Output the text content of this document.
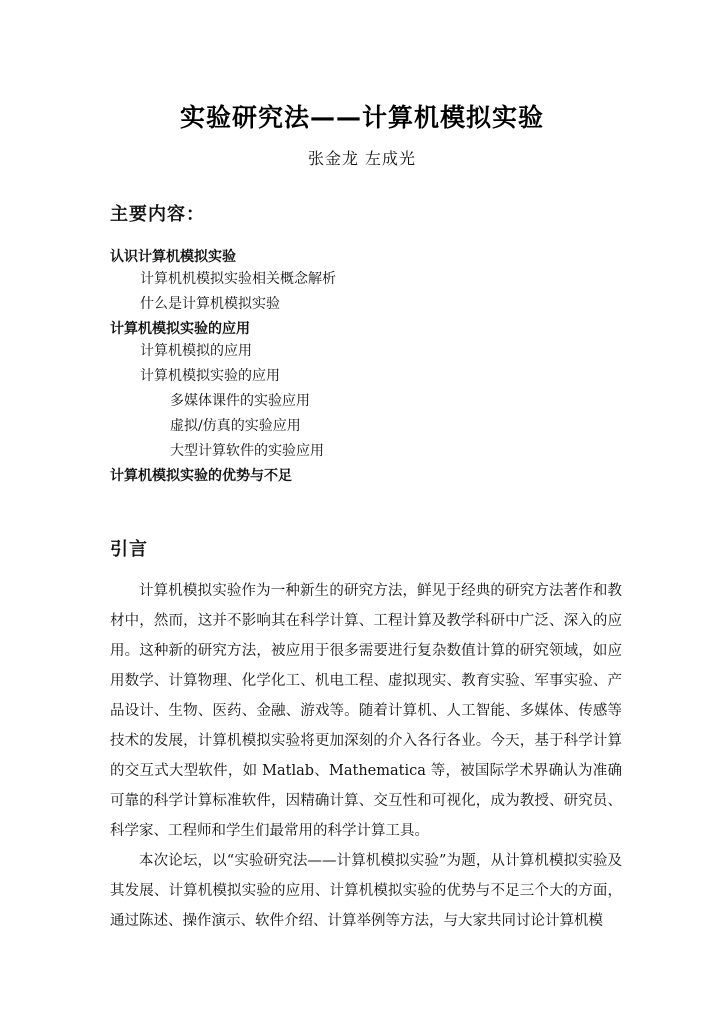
实验研究法——计算机模拟实验
张金龙 左成光
主要内容：
认识计算机模拟实验
计算机机模拟实验相关概念解析
什么是计算机模拟实验
计算机模拟实验的应用
计算机模拟的应用
计算机模拟实验的应用
多媒体课件的实验应用
虚拟/仿真的实验应用
大型计算软件的实验应用
计算机模拟实验的优势与不足
引言

计算机模拟实验作为一种新生的研究方法，鲜见于经典的研究方法著作和教材中，然而，这并不影响其在科学计算、工程计算及教学科研中广泛、深入的应用。这种新的研究方法，被应用于很多需要进行复杂数值计算的研究领域，如应用数学、计算物理、化学化工、机电工程、虚拟现实、教育实验、军事实验、产品设计、生物、医药、金融、游戏等。随着计算机、人工智能、多媒体、传感等技术的发展，计算机模拟实验将更加深刻的介入各行各业。今天，基于科学计算的交互式大型软件，如 Matlab、Mathematica 等，被国际学术界确认为准确可靠的科学计算标准软件，因精确计算、交互性和可视化，成为教授、研究员、科学家、工程师和学生们最常用的科学计算工具。

本次论坛，以“实验研究法——计算机模拟实验”为题，从计算机模拟实验及其发展、计算机模拟实验的应用、计算机模拟实验的优势与不足三个大的方面，通过陈述、操作演示、软件介绍、计算举例等方法，与大家共同讨论计算机模
